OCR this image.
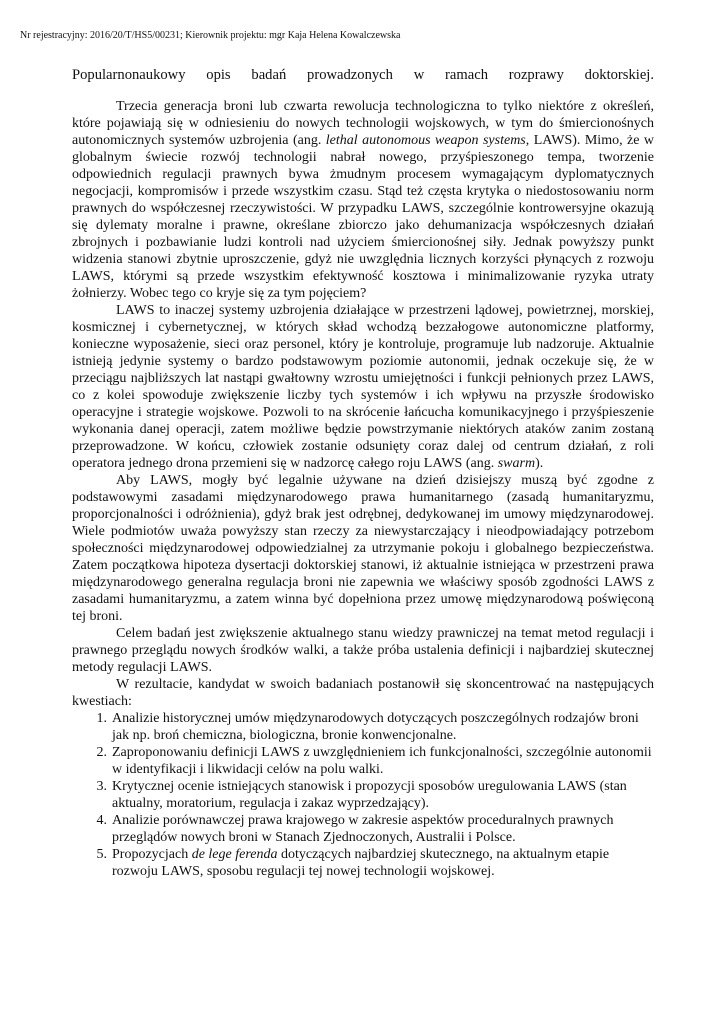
Nr rejestracyjny: 2016/20/T/HS5/00231; Kierownik projektu: mgr Kaja Helena Kowalczewska

Popularnonaukowy opis badań prowadzonych w ramach rozprawy doktorskiej.

Trzecia generacja broni lub czwarta rewolucja technologiczna to tylko niektóre z określeń, które pojawiają się w odniesieniu do nowych technologii wojskowych, w tym do śmiercionośnych autonomicznych systemów uzbrojenia (ang. lethal autonomous weapon systems, LAWS). Mimo, że w globalnym świecie rozwój technologii nabrał nowego, przyśpieszonego tempa, tworzenie odpowiednich regulacji prawnych bywa żmudnym procesem wymagającym dyplomatycznych negocjacji, kompromisów i przede wszystkim czasu. Stąd też częsta krytyka o niedostosowaniu norm prawnych do współczesnej rzeczywistości. W przypadku LAWS, szczególnie kontrowersyjne okazują się dylematy moralne i prawne, określane zbiorczo jako dehumanizacja współczesnych działań zbrojnych i pozbawianie ludzi kontroli nad użyciem śmiercionośnej siły. Jednak powyższy punkt widzenia stanowi zbytnie uproszczenie, gdyż nie uwzględnia licznych korzyści płynących z rozwoju LAWS, którymi są przede wszystkim efektywność kosztowa i minimalizowanie ryzyka utraty żołnierzy. Wobec tego co kryje się za tym pojęciem?

LAWS to inaczej systemy uzbrojenia działające w przestrzeni lądowej, powietrznej, morskiej, kosmicznej i cybernetycznej, w których skład wchodzą bezzałogowe autonomiczne platformy, konieczne wyposażenie, sieci oraz personel, który je kontroluje, programuje lub nadzoruje. Aktualnie istnieją jedynie systemy o bardzo podstawowym poziomie autonomii, jednak oczekuje się, że w przeciągu najbliższych lat nastąpi gwałtowny wzrostu umiejętności i funkcji pełnionych przez LAWS, co z kolei spowoduje zwiększenie liczby tych systemów i ich wpływu na przyszłe środowisko operacyjne i strategie wojskowe. Pozwoli to na skrócenie łańcucha komunikacyjnego i przyśpieszenie wykonania danej operacji, zatem możliwe będzie powstrzymanie niektórych ataków zanim zostaną przeprowadzone. W końcu, człowiek zostanie odsunięty coraz dalej od centrum działań, z roli operatora jednego drona przemieni się w nadzorcę całego roju LAWS (ang. swarm).

Aby LAWS, mogły być legalnie używane na dzień dzisiejszy muszą być zgodne z podstawowymi zasadami międzynarodowego prawa humanitarnego (zasadą humanitaryzmu, proporcjonalności i odróżnienia), gdyż brak jest odrębnej, dedykowanej im umowy międzynarodowej. Wiele podmiotów uważa powyższy stan rzeczy za niewystarczający i nieodpowiadający potrzebom społeczności międzynarodowej odpowiedzialnej za utrzymanie pokoju i globalnego bezpieczeństwa. Zatem początkowa hipoteza dysertacji doktorskiej stanowi, iż aktualnie istniejąca w przestrzeni prawa międzynarodowego generalna regulacja broni nie zapewnia we właściwy sposób zgodności LAWS z zasadami humanitaryzmu, a zatem winna być dopełniona przez umowę międzynarodową poświęconą tej broni.

Celem badań jest zwiększenie aktualnego stanu wiedzy prawniczej na temat metod regulacji i prawnego przeglądu nowych środków walki, a także próba ustalenia definicji i najbardziej skutecznej metody regulacji LAWS.

W rezultacie, kandydat w swoich badaniach postanowił się skoncentrować na następujących kwestiach:

1. Analizie historycznej umów międzynarodowych dotyczących poszczególnych rodzajów broni jak np. broń chemiczna, biologiczna, bronie konwencjonalne.
2. Zaproponowaniu definicji LAWS z uwzględnieniem ich funkcjonalności, szczególnie autonomii w identyfikacji i likwidacji celów na polu walki.
3. Krytycznej ocenie istniejących stanowisk i propozycji sposobów uregulowania LAWS (stan aktualny, moratorium, regulacja i zakaz wyprzedzający).
4. Analizie porównawczej prawa krajowego w zakresie aspektów proceduralnych prawnych przeglądów nowych broni w Stanach Zjednoczonych, Australii i Polsce.
5. Propozycjach de lege ferenda dotyczących najbardziej skutecznego, na aktualnym etapie rozwoju LAWS, sposobu regulacji tej nowej technologii wojskowej.
